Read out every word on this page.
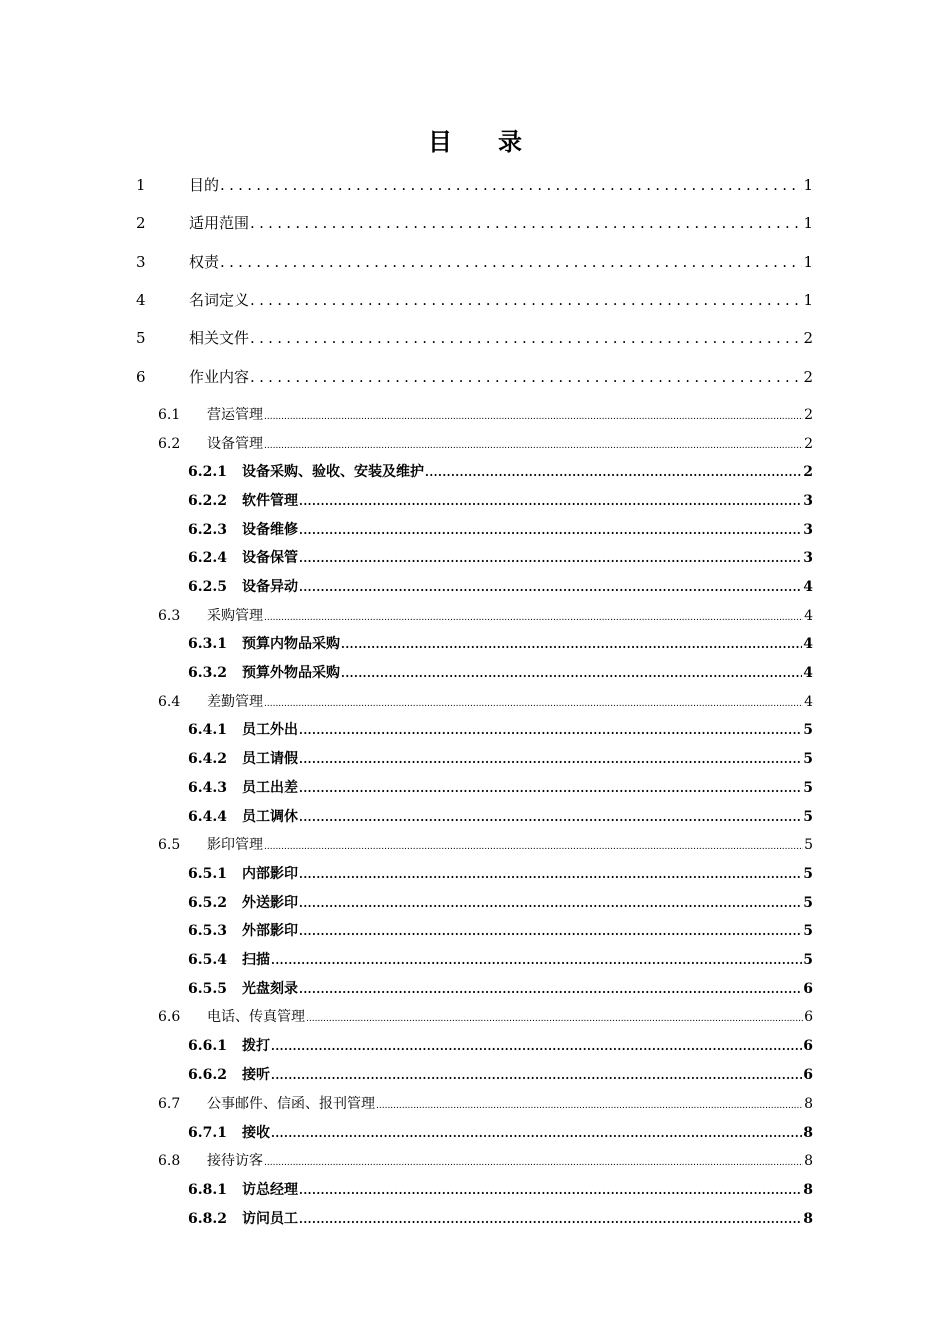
目 录
1	目的 .....	1
2	适用范围 .....	1
3	权责 .....	1
4	名词定义 .....	1
5	相关文件 .....	2
6	作业内容 .....	2
6.1	营运管理 .....	2
6.2	设备管理 .....	2
6.2.1	设备采购、验收、安装及维护 .....	2
6.2.2	软件管理 .....	3
6.2.3	设备维修 .....	3
6.2.4	设备保管 .....	3
6.2.5	设备异动 .....	4
6.3	采购管理 .....	4
6.3.1	预算内物品采购 .....	4
6.3.2	预算外物品采购 .....	4
6.4	差勤管理 .....	4
6.4.1	员工外出 .....	5
6.4.2	员工请假 .....	5
6.4.3	员工出差 .....	5
6.4.4	员工调休 .....	5
6.5	影印管理 .....	5
6.5.1	内部影印 .....	5
6.5.2	外送影印 .....	5
6.5.3	外部影印 .....	5
6.5.4	扫描 .....	5
6.5.5	光盘刻录 .....	6
6.6	电话、传真管理 .....	6
6.6.1	拨打 .....	6
6.6.2	接听 .....	6
6.7	公事邮件、信函、报刊管理 .....	8
6.7.1	接收 .....	8
6.8	接待访客 .....	8
6.8.1	访总经理 .....	8
6.8.2	访问员工 .....	8
